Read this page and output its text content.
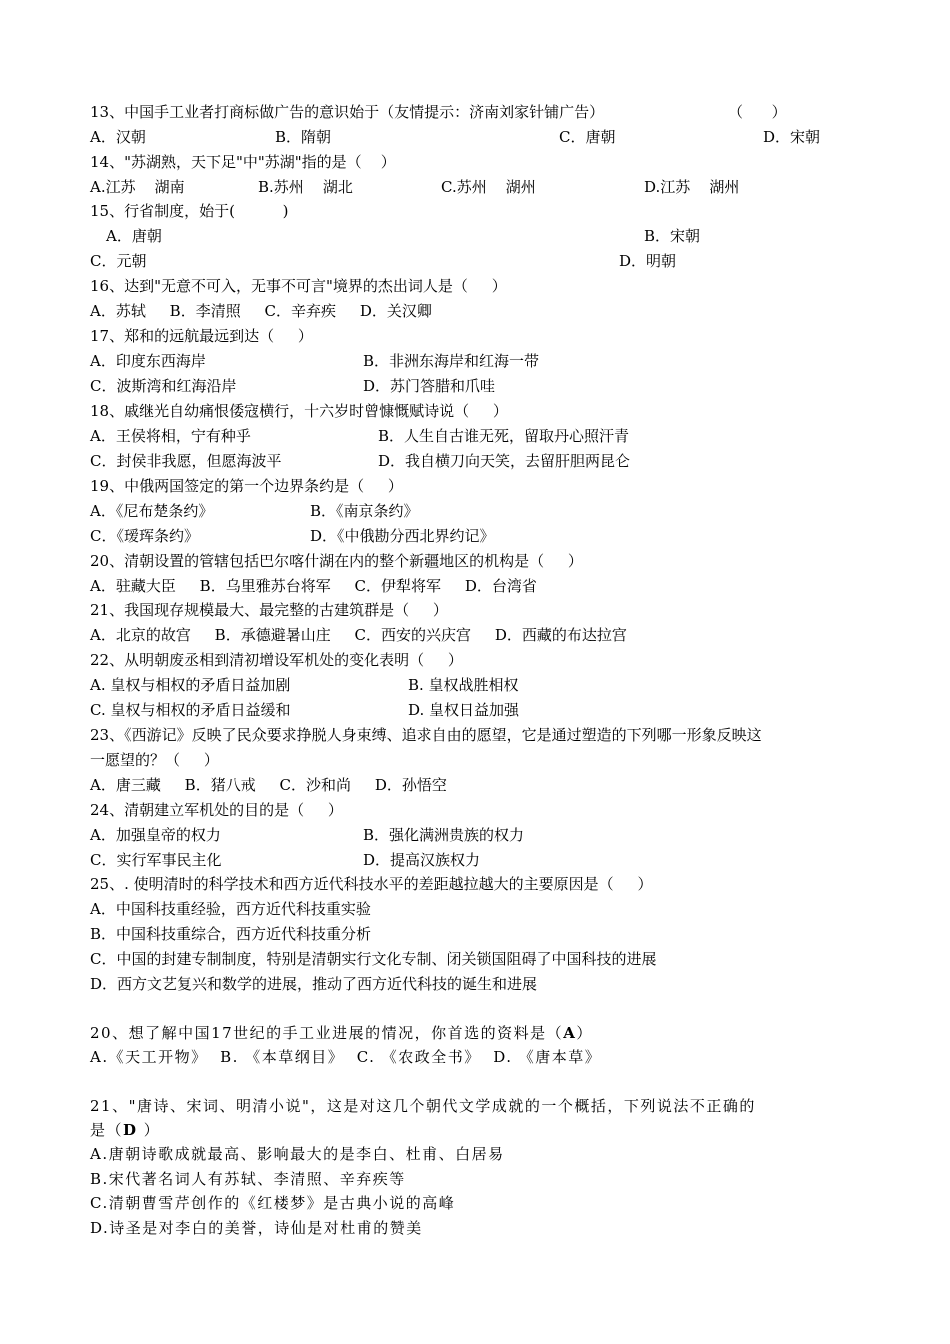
13、中国手工业者打商标做广告的意识始于（友情提示：济南刘家针铺广告）	（      ）
A．汉朝	B．隋朝	C．唐朝	D．宋朝
14、"苏湖熟，天下足"中"苏湖"指的是（    ）
A.江苏    湖南	B.苏州    湖北	C.苏州    湖州	D.江苏    湖州
15、行省制度，始于(          )
A．唐朝	B．宋朝
C．元朝	D．明朝
16、达到"无意不可入，无事不可言"境界的杰出词人是（     ）
A．苏轼     B．李清照     C．辛弃疾     D．关汉卿
17、郑和的远航最远到达（     ）
A．印度东西海岸	B．非洲东海岸和红海一带
C．波斯湾和红海沿岸	D．苏门答腊和爪哇
18、戚继光自幼痛恨倭寇横行，十六岁时曾慷慨赋诗说（     ）
A．王侯将相，宁有种乎	B．人生自古谁无死，留取丹心照汗青
C．封侯非我愿，但愿海波平	D．我自横刀向天笑，去留肝胆两昆仑
19、中俄两国签定的第一个边界条约是（     ）
A．《尼布楚条约》	B．《南京条约》
C．《瑷珲条约》	D．《中俄勘分西北界约记》
20、清朝设置的管辖包括巴尔喀什湖在内的整个新疆地区的机构是（     ）
A．驻藏大臣     B．乌里雅苏台将军     C．伊犁将军     D．台湾省
21、我国现存规模最大、最完整的古建筑群是（     ）
A．北京的故宫     B．承德避暑山庄     C．西安的兴庆宫     D．西藏的布达拉宫
22、从明朝废丞相到清初增设军机处的变化表明（     ）
A. 皇权与相权的矛盾日益加剧	B. 皇权战胜相权
C. 皇权与相权的矛盾日益缓和	D. 皇权日益加强
23、《西游记》反映了民众要求挣脱人身束缚、追求自由的愿望，它是通过塑造的下列哪一形象反映这
一愿望的？（     ）
A．唐三藏     B．猪八戒     C．沙和尚     D．孙悟空
24、清朝建立军机处的目的是（     ）
A．加强皇帝的权力	B．强化满洲贵族的权力
C．实行军事民主化	D．提高汉族权力
25、. 使明清时的科学技术和西方近代科技水平的差距越拉越大的主要原因是（     ）
A．中国科技重经验，西方近代科技重实验
B．中国科技重综合，西方近代科技重分析
C．中国的封建专制制度，特别是清朝实行文化专制、闭关锁国阻碍了中国科技的进展
D．西方文艺复兴和数学的进展，推动了西方近代科技的诞生和进展
20、想了解中国17世纪的手工业进展的情况，你首选的资料是（A）
A.《天工开物》  B. 《本草纲目》  C. 《农政全书》  D. 《唐本草》
21、"唐诗、宋词、明清小说"，这是对这几个朝代文学成就的一个概括，下列说法不正确的
是（D ）
A.唐朝诗歌成就最高、影响最大的是李白、杜甫、白居易
B.宋代著名词人有苏轼、李清照、辛弃疾等
C.清朝曹雪芹创作的《红楼梦》是古典小说的高峰
D.诗圣是对李白的美誉，诗仙是对杜甫的赞美
